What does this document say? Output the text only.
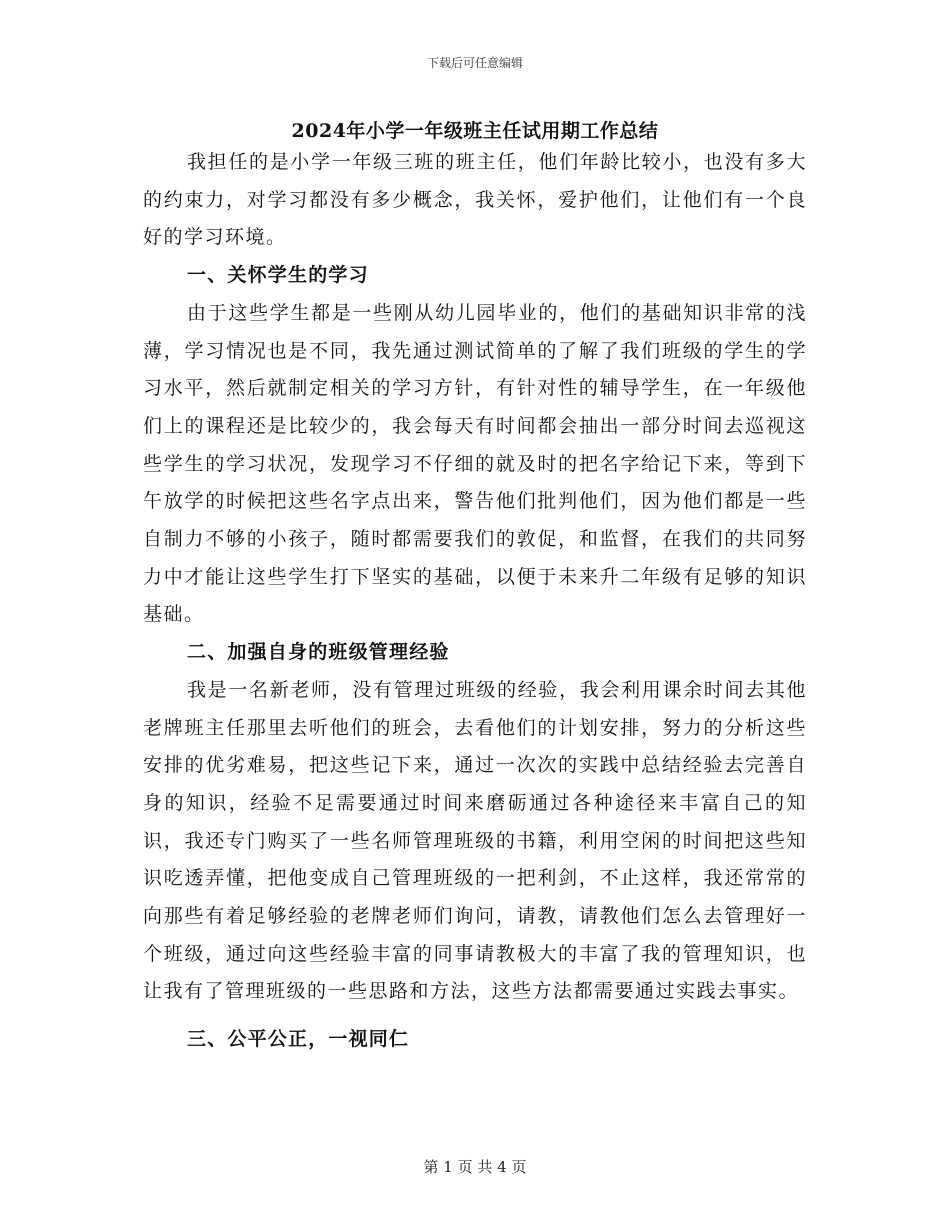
下载后可任意编辑
2024年小学一年级班主任试用期工作总结

我担任的是小学一年级三班的班主任，他们年龄比较小，也没有多大的约束力，对学习都没有多少概念，我关怀，爱护他们，让他们有一个良好的学习环境。

一、关怀学生的学习

由于这些学生都是一些刚从幼儿园毕业的，他们的基础知识非常的浅薄，学习情况也是不同，我先通过测试简单的了解了我们班级的学生的学习水平，然后就制定相关的学习方针，有针对性的辅导学生，在一年级他们上的课程还是比较少的，我会每天有时间都会抽出一部分时间去巡视这些学生的学习状况，发现学习不仔细的就及时的把名字给记下来，等到下午放学的时候把这些名字点出来，警告他们批判他们，因为他们都是一些自制力不够的小孩子，随时都需要我们的敦促，和监督，在我们的共同努力中才能让这些学生打下坚实的基础，以便于未来升二年级有足够的知识基础。

二、加强自身的班级管理经验

我是一名新老师，没有管理过班级的经验，我会利用课余时间去其他老牌班主任那里去听他们的班会，去看他们的计划安排，努力的分析这些安排的优劣难易，把这些记下来，通过一次次的实践中总结经验去完善自身的知识，经验不足需要通过时间来磨砺通过各种途径来丰富自己的知识，我还专门购买了一些名师管理班级的书籍，利用空闲的时间把这些知识吃透弄懂，把他变成自己管理班级的一把利剑，不止这样，我还常常的向那些有着足够经验的老牌老师们询问，请教，请教他们怎么去管理好一个班级，通过向这些经验丰富的同事请教极大的丰富了我的管理知识，也让我有了管理班级的一些思路和方法，这些方法都需要通过实践去事实。

三、公平公正，一视同仁

第 1 页 共 4 页
